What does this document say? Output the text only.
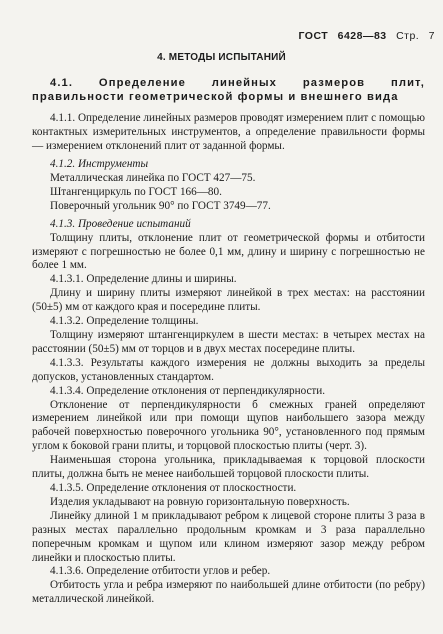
ГОСТ 6428—83 Стр. 7
4. МЕТОДЫ ИСПЫТАНИЙ
4.1. Определение линейных размеров плит, правильности геометрической формы и внешнего вида

4.1.1. Определение линейных размеров проводят измерением плит с помощью контактных измерительных инструментов, а определение правильности формы — измерением отклонений плит от заданной формы.

4.1.2. Инструменты

Металлическая линейка по ГОСТ 427—75.

Штангенциркуль по ГОСТ 166—80.

Поверочный угольник 90° по ГОСТ 3749—77.

4.1.3. Проведение испытаний

Толщину плиты, отклонение плит от геометрической формы и отбитости измеряют с погрешностью не более 0,1 мм, длину и ширину с погрешностью не более 1 мм.

4.1.3.1. Определение длины и ширины.

Длину и ширину плиты измеряют линейкой в трех местах: на расстоянии (50±5) мм от каждого края и посередине плиты.

4.1.3.2. Определение толщины.

Толщину измеряют штангенциркулем в шести местах: в четырех местах на расстоянии (50±5) мм от торцов и в двух местах посередине плиты.

4.1.3.3. Результаты каждого измерения не должны выходить за пределы допусков, установленных стандартом.

4.1.3.4. Определение отклонения от перпендикулярности.

Отклонение от перпендикулярности б смежных граней определяют измерением линейкой или при помощи щупов наибольшего зазора между рабочей поверхностью поверочного угольника 90°, установленного под прямым углом к боковой грани плиты, и торцовой плоскостью плиты (черт. 3).

Наименьшая сторона угольника, прикладываемая к торцовой плоскости плиты, должна быть не менее наибольшей торцовой плоскости плиты.

4.1.3.5. Определение отклонения от плоскостности.

Изделия укладывают на ровную горизонтальную поверхность.

Линейку длиной 1 м прикладывают ребром к лицевой стороне плиты 3 раза в разных местах параллельно продольным кромкам и 3 раза параллельно поперечным кромкам и щупом или клином измеряют зазор между ребром линейки и плоскостью плиты.

4.1.3.6. Определение отбитости углов и ребер.

Отбитость угла и ребра измеряют по наибольшей длине отбитости (по ребру) металлической линейкой.
